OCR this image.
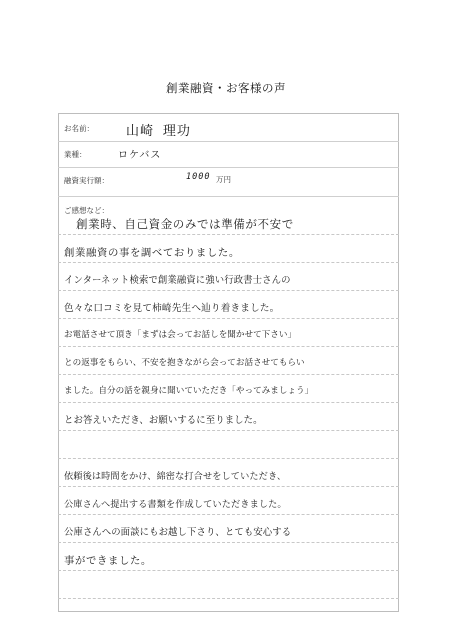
創業融資・お客様の声
お名前： 山崎 理功
業種：	ロケバス
融資実行額：	1000 万円
ご感想など：
創業時、自己資金のみでは準備が不安で
創業融資の事を調べておりました。
インターネット検索で創業融資に強い行政書士さんの
色々な口コミを見て柿崎先生へ辿り着きました。
お電話させて頂き「まずは会ってお話しを聞かせて下さい」
との返事をもらい、不安を抱きながら会ってお話させてもらい
ました。自分の話を親身に聞いていただき「やってみましょう」
とお答えいただき、お願いするに至りました。
依頼後は時間をかけ、綿密な打合せをしていただき、
公庫さんへ提出する書類を作成していただきました。
公庫さんへの面談にもお越し下さり、とても安心する
事ができました。
